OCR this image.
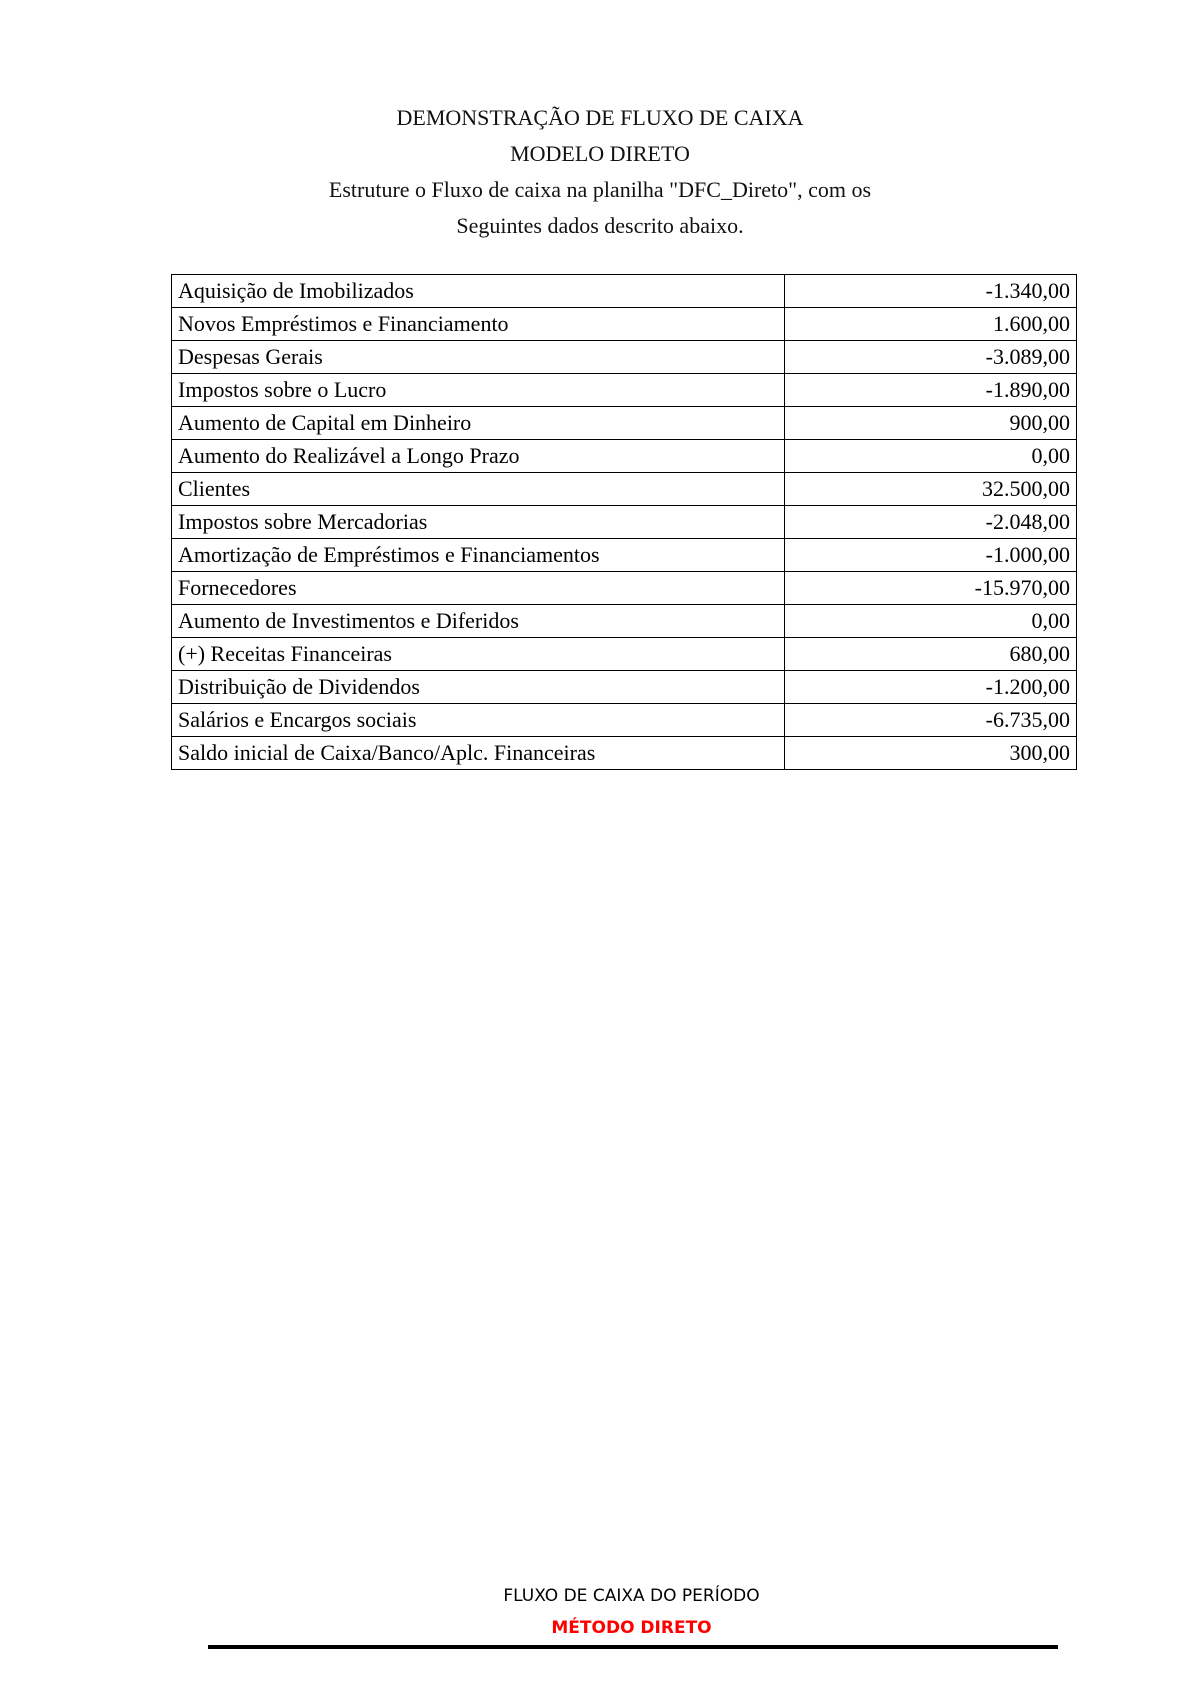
DEMONSTRAÇÃO DE FLUXO DE CAIXA
MODELO DIRETO
Estruture o Fluxo de caixa na planilha "DFC_Direto", com os
Seguintes dados descrito abaixo.
Aquisição de Imobilizados	-1.340,00
Novos Empréstimos e Financiamento	1.600,00
Despesas Gerais	-3.089,00
Impostos sobre o Lucro	-1.890,00
Aumento de Capital em Dinheiro	900,00
Aumento do Realizável a Longo Prazo	0,00
Clientes	32.500,00
Impostos sobre Mercadorias	-2.048,00
Amortização de Empréstimos e Financiamentos	-1.000,00
Fornecedores	-15.970,00
Aumento de Investimentos e Diferidos	0,00
(+) Receitas Financeiras	680,00
Distribuição de Dividendos	-1.200,00
Salários e Encargos sociais	-6.735,00
Saldo inicial de Caixa/Banco/Aplc. Financeiras	300,00
FLUXO DE CAIXA DO PERÍODO
MÉTODO DIRETO
